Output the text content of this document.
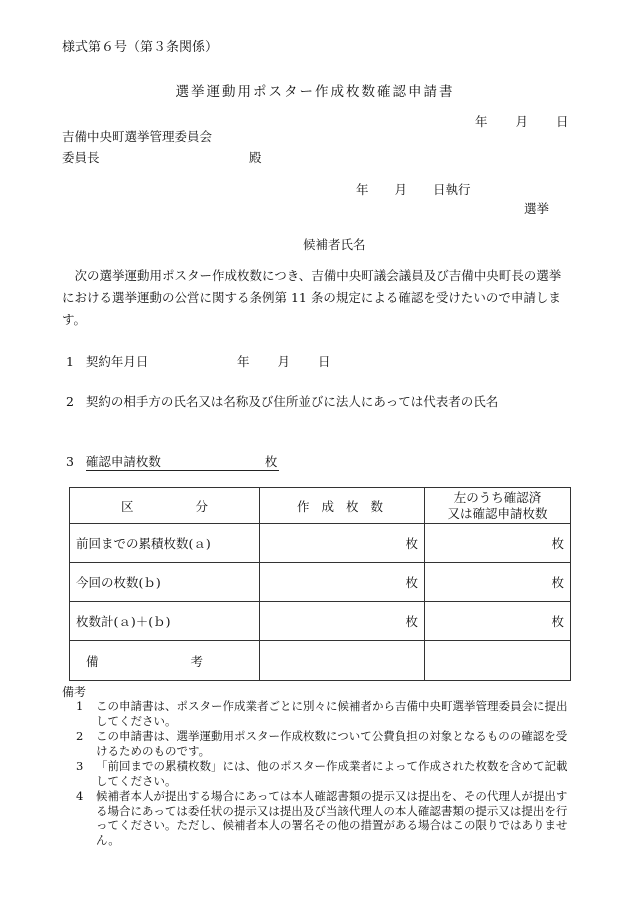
様式第６号（第３条関係）
選挙運動用ポスター作成枚数確認申請書
年 月 日
吉備中央町選挙管理委員会
委員長	殿
年 月 日執行
選挙
候補者氏名
次の選挙運動用ポスター作成枚数につき、吉備中央町議会議員及び吉備中央町長の選挙における選挙運動の公営に関する条例第 11 条の規定による確認を受けたいので申請します。
1 契約年月日	年 月 日
2 契約の相手方の氏名又は名称及び住所並びに法人にあっては代表者の氏名
3 確認申請枚数	枚
区 分	作 成 枚 数	左のうち確認済
又は確認申請枚数

前回までの累積枚数(ａ)	枚	枚
今回の枚数(ｂ)	枚	枚
枚数計(ａ)＋(ｂ)	枚	枚

備 考		

備考
1	この申請書は、ポスター作成業者ごとに別々に候補者から吉備中央町選挙管理委員会に提出してください。
2	この申請書は、選挙運動用ポスター作成枚数について公費負担の対象となるものの確認を受けるためのものです。
3	「前回までの累積枚数」には、他のポスター作成業者によって作成された枚数を含めて記載してください。
4	候補者本人が提出する場合にあっては本人確認書類の提示又は提出を、その代理人が提出する場合にあっては委任状の提示又は提出及び当該代理人の本人確認書類の提示又は提出を行ってください。ただし、候補者本人の署名その他の措置がある場合はこの限りではありません。
